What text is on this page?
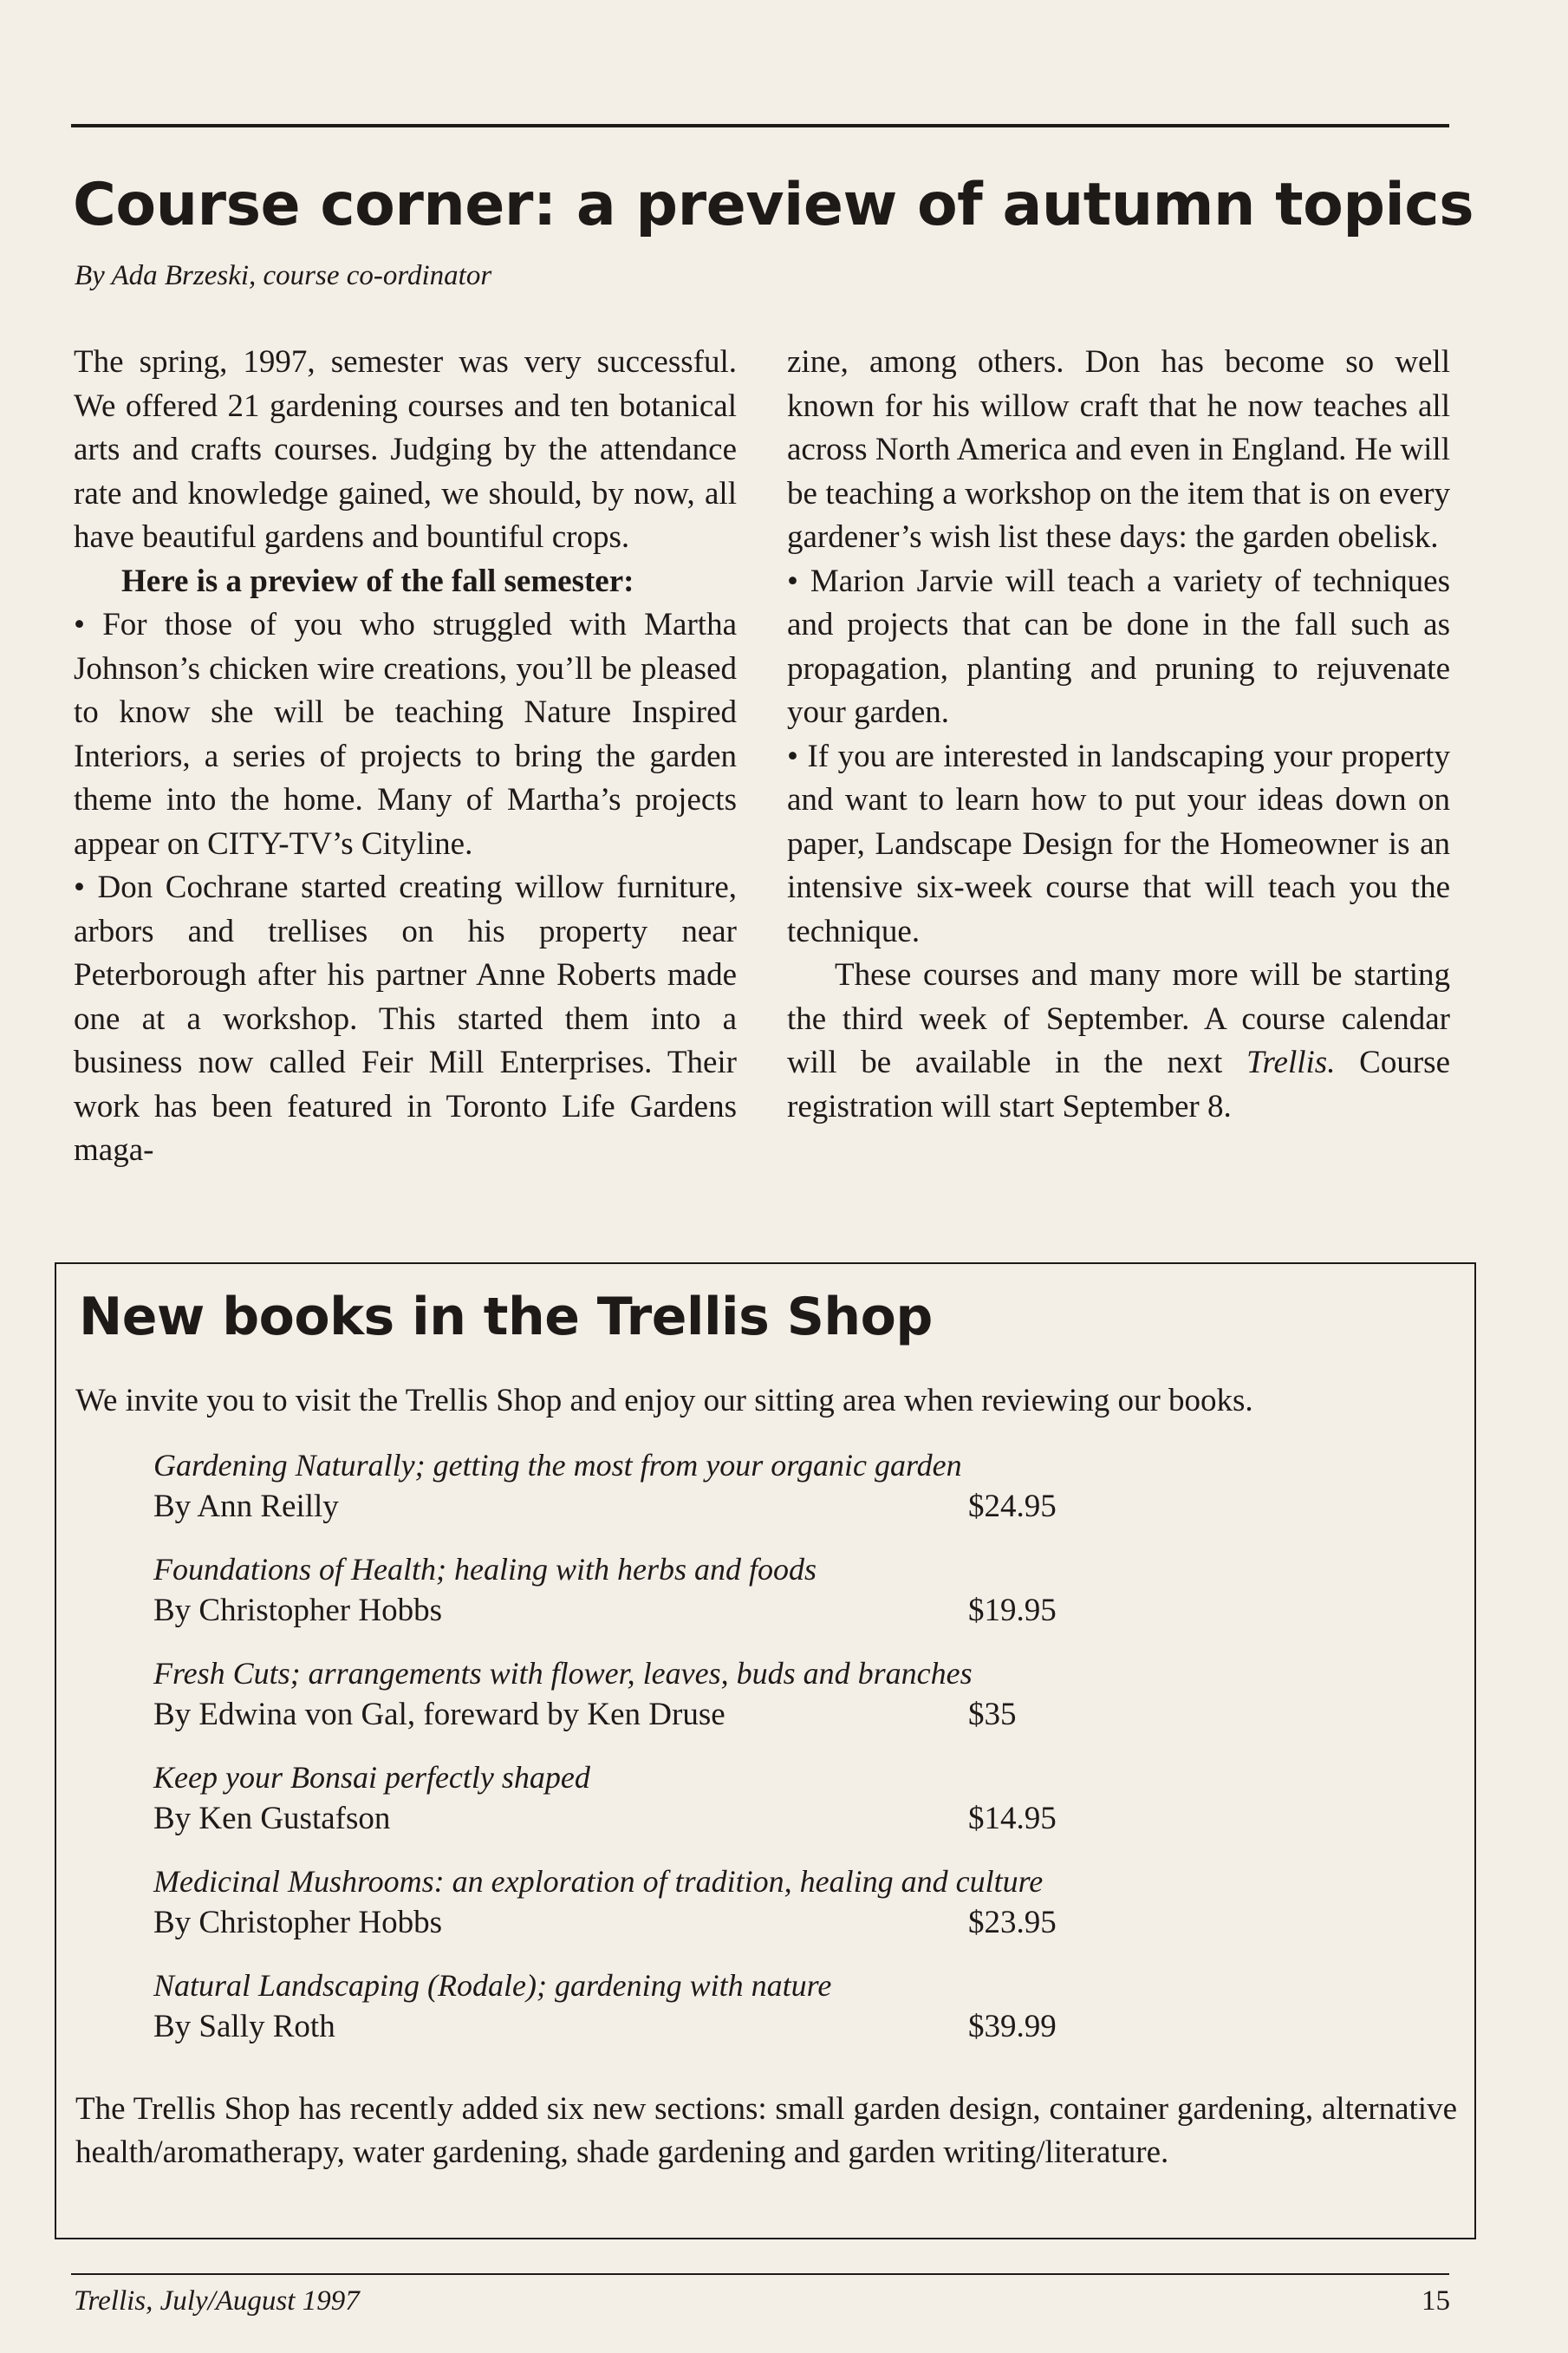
Course corner: a preview of autumn topics

By Ada Brzeski, course co-ordinator

The spring, 1997, semester was very successful. We offered 21 gardening courses and ten botanical arts and crafts courses. Judging by the attendance rate and knowledge gained, we should, by now, all have beautiful gardens and bountiful crops.

Here is a preview of the fall semester:

• For those of you who struggled with Martha Johnson’s chicken wire creations, you’ll be pleased to know she will be teaching Nature Inspired Interiors, a series of projects to bring the garden theme into the home. Many of Martha’s projects appear on CITY-TV’s Cityline.

• Don Cochrane started creating willow furniture, arbors and trellises on his property near Peterborough after his partner Anne Roberts made one at a workshop. This started them into a business now called Feir Mill Enterprises. Their work has been featured in Toronto Life Gardens maga-

zine, among others. Don has become so well known for his willow craft that he now teaches all across North America and even in England. He will be teaching a workshop on the item that is on every gardener’s wish list these days: the garden obelisk.

• Marion Jarvie will teach a variety of techniques and projects that can be done in the fall such as propagation, planting and pruning to rejuvenate your garden.

• If you are interested in landscaping your property and want to learn how to put your ideas down on paper, Landscape Design for the Homeowner is an intensive six-week course that will teach you the technique.

These courses and many more will be starting the third week of September. A course calendar will be available in the next Trellis. Course registration will start September 8.

New books in the Trellis Shop

We invite you to visit the Trellis Shop and enjoy our sitting area when reviewing our books.

Gardening Naturally; getting the most from your organic garden
By Ann Reilly	$24.95
Foundations of Health; healing with herbs and foods
By Christopher Hobbs	$19.95
Fresh Cuts; arrangements with flower, leaves, buds and branches
By Edwina von Gal, foreward by Ken Druse	$35
Keep your Bonsai perfectly shaped
By Ken Gustafson	$14.95
Medicinal Mushrooms: an exploration of tradition, healing and culture
By Christopher Hobbs	$23.95
Natural Landscaping (Rodale); gardening with nature
By Sally Roth	$39.99

The Trellis Shop has recently added six new sections: small garden design, container gardening, alternative health/aromatherapy, water gardening, shade gardening and garden writing/literature.

Trellis, July/August 1997	15
